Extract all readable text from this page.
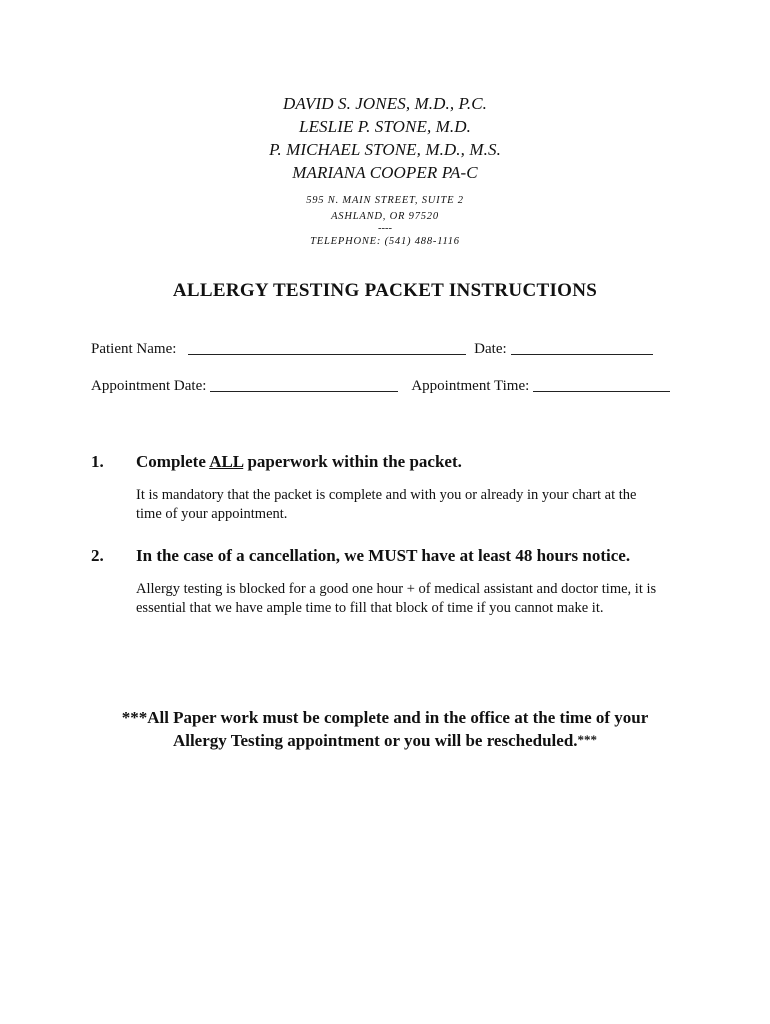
DAVID S. JONES, M.D., P.C.
LESLIE P. STONE, M.D.
P. MICHAEL STONE, M.D., M.S.
MARIANA COOPER PA-C
595 N. MAIN STREET, SUITE 2
ASHLAND, OR 97520
----
TELEPHONE: (541) 488-1116
ALLERGY TESTING PACKET INSTRUCTIONS
Patient Name:	Date:
Appointment Date:	Appointment Time:
1. Complete ALL paperwork within the packet.
It is mandatory that the packet is complete and with you or already in your chart at the
time of your appointment.
2. In the case of a cancellation, we MUST have at least 48 hours notice.
Allergy testing is blocked for a good one hour + of medical assistant and doctor time, it is
essential that we have ample time to fill that block of time if you cannot make it.
***All Paper work must be complete and in the office at the time of your
Allergy Testing appointment or you will be rescheduled.***
